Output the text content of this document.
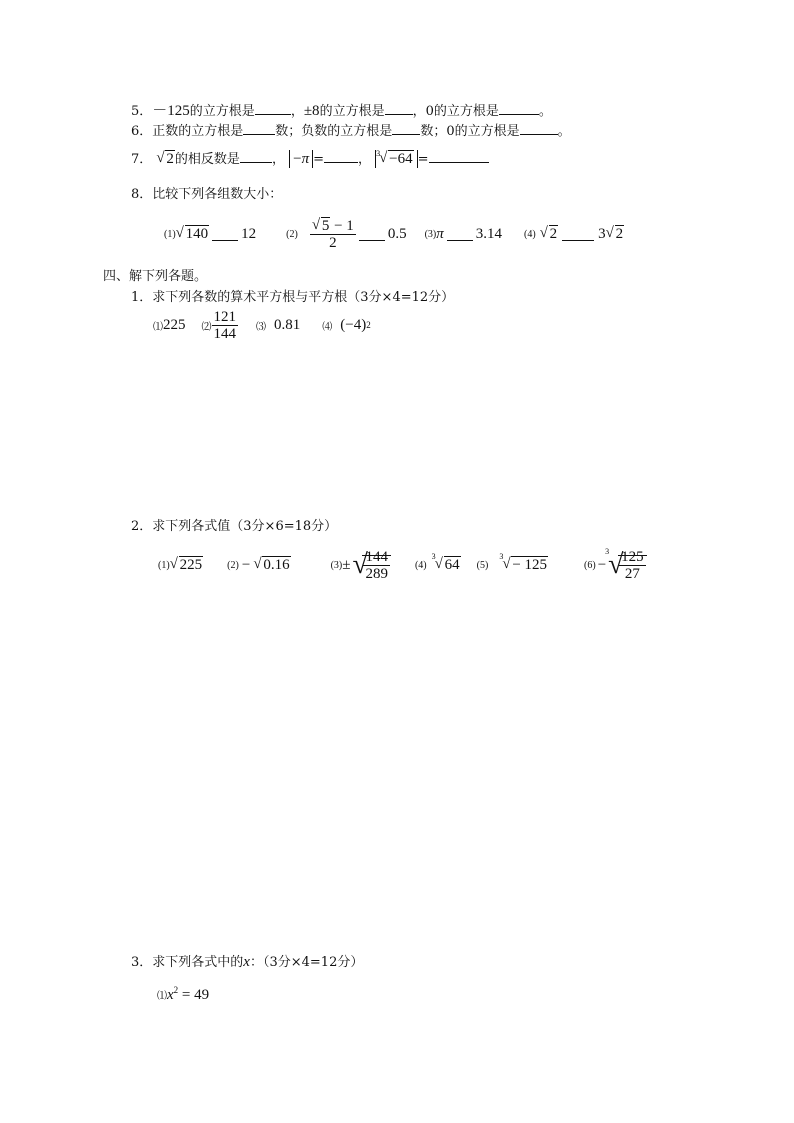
5．－125的立方根是	，±8的立方根是 ，0的立方根是	。
6．正数的立方根是 数；负数的立方根是 数；0的立方根是	。
7． √ 2的相反数是 ， −π =	， 3 √ −64 =
8．比较下列各组数大小：
(1) √ 140 12	$(2) \frac{√ 5 - 1}{2} 0.5$ (3) π 3.14 (4) √ 2	3 √ 2
四、解下列各题。
1．求下列各数的算术平方根与平方根（3分×4=12分）
⑴ 225 ⑵ $\frac{121}{144}$ ⑶ 0.81 ⑷ (−4) 2
2．求下列各式值（3分×6=18分）
(1) √ 225	(2) − √ 0.16	(3) ± √
$\frac{144}{289}$	(4)
3 √ 64 (5)
3 √ − 125	(6) −
3 √
$\frac{125}{27}$
3．求下列各式中的x：（3分×4=12分）
$⑴x^2 = 49$
